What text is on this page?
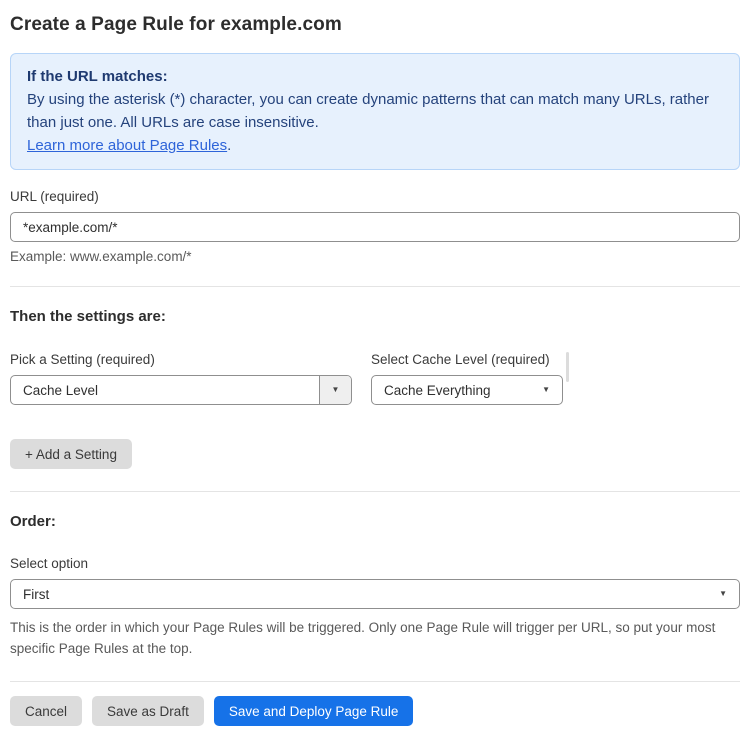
Create a Page Rule for example.com
If the URL matches:
By using the asterisk (*) character, you can create dynamic patterns that can match many URLs, rather than just one. All URLs are case insensitive.
Learn more about Page Rules.
URL (required)
*example.com/*
Example: www.example.com/*
Then the settings are:
Pick a Setting (required)
Cache Level	▼
Select Cache Level (required)
Cache Everything	▼
+ Add a Setting
Order:
Select option
First	▼
This is the order in which your Page Rules will be triggered. Only one Page Rule will trigger per URL, so put your most specific Page Rules at the top.
Cancel	Save as Draft	Save and Deploy Page Rule
